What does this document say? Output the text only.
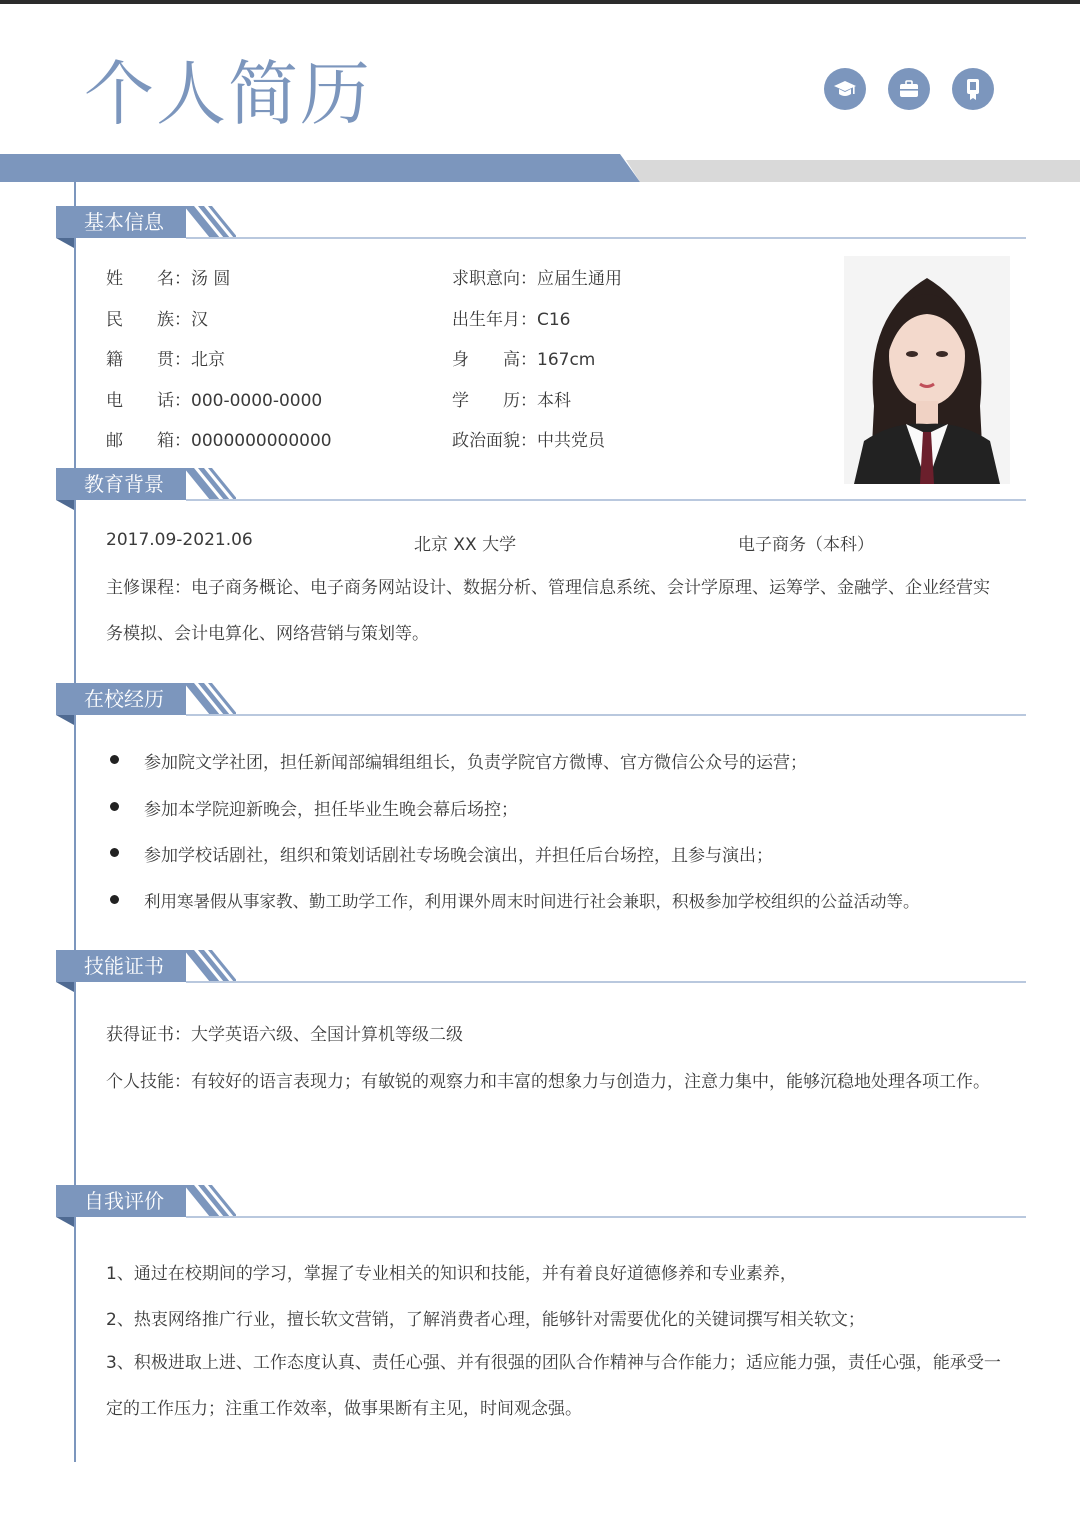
个人简历
基本信息
姓　　名：汤 圆
民　　族：汉
籍　　贯：北京
电　　话：000-0000-0000
邮　　箱：0000000000000
求职意向：应届生通用
出生年月：C16
身　　高：167cm
学　　历：本科
政治面貌：中共党员
教育背景
2017.09-2021.06	北京 XX 大学	电子商务（本科）
主修课程：电子商务概论、电子商务网站设计、数据分析、管理信息系统、会计学原理、运筹学、金融学、企业经营实务模拟、会计电算化、网络营销与策划等。
在校经历
参加院文学社团，担任新闻部编辑组组长，负责学院官方微博、官方微信公众号的运营；
参加本学院迎新晚会，担任毕业生晚会幕后场控；
参加学校话剧社，组织和策划话剧社专场晚会演出，并担任后台场控，且参与演出；
利用寒暑假从事家教、勤工助学工作，利用课外周末时间进行社会兼职，积极参加学校组织的公益活动等。
技能证书
获得证书：大学英语六级、全国计算机等级二级
个人技能：有较好的语言表现力；有敏锐的观察力和丰富的想象力与创造力，注意力集中，能够沉稳地处理各项工作。
自我评价
1、通过在校期间的学习，掌握了专业相关的知识和技能，并有着良好道德修养和专业素养，
2、热衷网络推广行业，擅长软文营销，了解消费者心理，能够针对需要优化的关键词撰写相关软文；
3、积极进取上进、工作态度认真、责任心强、并有很强的团队合作精神与合作能力；适应能力强，责任心强，能承受一定的工作压力；注重工作效率，做事果断有主见，时间观念强。
